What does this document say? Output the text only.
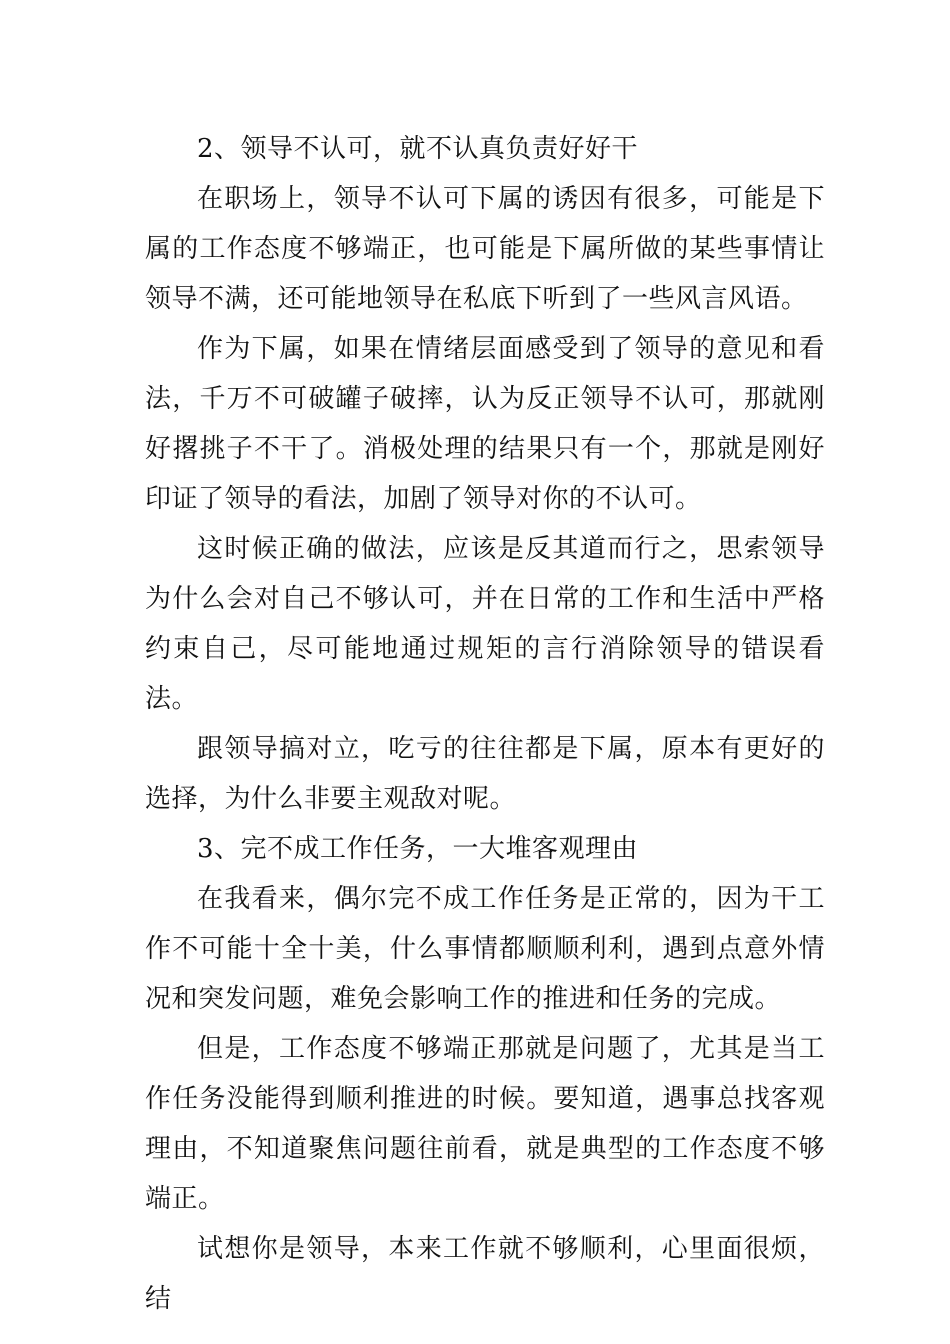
2、领导不认可，就不认真负责好好干

在职场上，领导不认可下属的诱因有很多，可能是下属的工作态度不够端正，也可能是下属所做的某些事情让领导不满，还可能地领导在私底下听到了一些风言风语。

作为下属，如果在情绪层面感受到了领导的意见和看法，千万不可破罐子破摔，认为反正领导不认可，那就刚好撂挑子不干了。消极处理的结果只有一个，那就是刚好印证了领导的看法，加剧了领导对你的不认可。

这时候正确的做法，应该是反其道而行之，思索领导为什么会对自己不够认可，并在日常的工作和生活中严格约束自己，尽可能地通过规矩的言行消除领导的错误看法。

跟领导搞对立，吃亏的往往都是下属，原本有更好的选择，为什么非要主观敌对呢。

3、完不成工作任务，一大堆客观理由

在我看来，偶尔完不成工作任务是正常的，因为干工作不可能十全十美，什么事情都顺顺利利，遇到点意外情况和突发问题，难免会影响工作的推进和任务的完成。

但是，工作态度不够端正那就是问题了，尤其是当工作任务没能得到顺利推进的时候。要知道，遇事总找客观理由，不知道聚焦问题往前看，就是典型的工作态度不够端正。

试想你是领导，本来工作就不够顺利，心里面很烦，结
